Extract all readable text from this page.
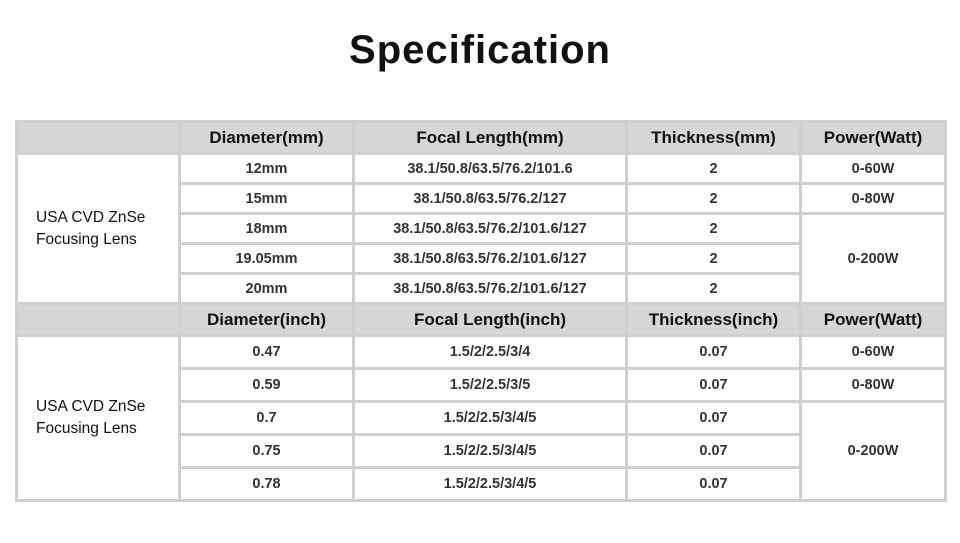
Specification
	Diameter(mm)	Focal Length(mm)	Thickness(mm)	Power(Watt)

USA CVD ZnSe
Focusing Lens	12mm	38.1/50.8/63.5/76.2/101.6	2	0-60W
	15mm	38.1/50.8/63.5/76.2/127	2	0-80W
	18mm	38.1/50.8/63.5/76.2/101.6/127	2	0-200W
	19.05mm	38.1/50.8/63.5/76.2/101.6/127	2	
	20mm	38.1/50.8/63.5/76.2/101.6/127	2	
	Diameter(inch)	Focal Length(inch)	Thickness(inch)	Power(Watt)

USA CVD ZnSe
Focusing Lens	0.47	1.5/2/2.5/3/4	0.07	0-60W
	0.59	1.5/2/2.5/3/5	0.07	0-80W
	0.7	1.5/2/2.5/3/4/5	0.07	0-200W
	0.75	1.5/2/2.5/3/4/5	0.07	
	0.78	1.5/2/2.5/3/4/5	0.07	
